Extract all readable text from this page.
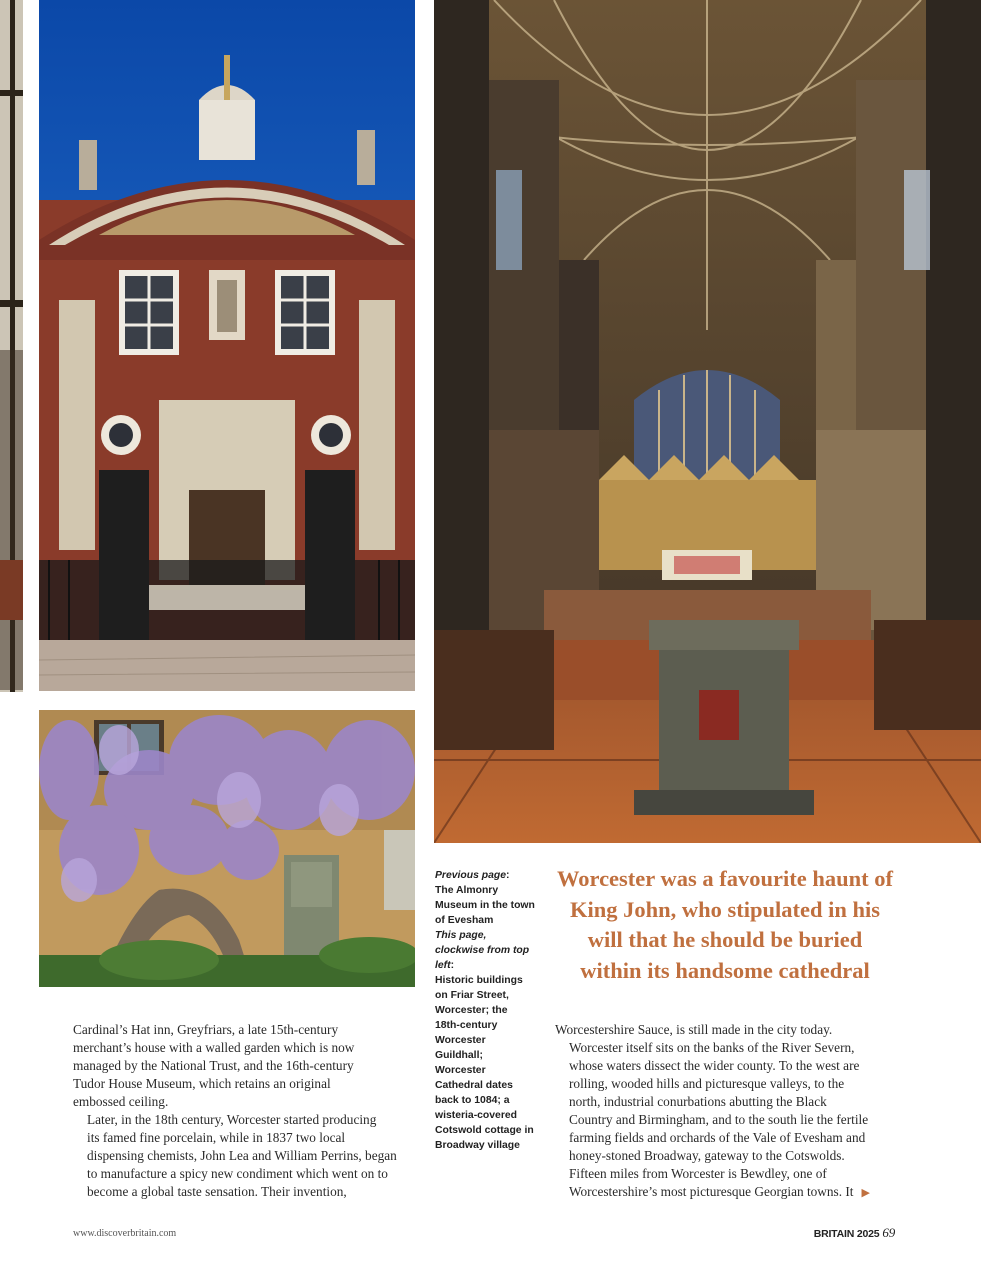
Previous page:
The Almonry Museum in the town of Evesham
This page, clockwise from top left:
Historic buildings on Friar Street, Worcester; the 18th-century Worcester Guildhall; Worcester Cathedral dates back to 1084; a wisteria-covered Cotswold cottage in Broadway village
Worcester was a favourite haunt of King John, who stipulated in his will that he should be buried within its handsome cathedral

Cardinal’s Hat inn, Greyfriars, a late 15th-century
merchant’s house with a walled garden which is now
managed by the National Trust, and the 16th-century
Tudor House Museum, which retains an original
embossed ceiling.

Later, in the 18th century, Worcester started producing
its famed fine porcelain, while in 1837 two local
dispensing chemists, John Lea and William Perrins, began
to manufacture a spicy new condiment which went on to
become a global taste sensation. Their invention,

Worcestershire Sauce, is still made in the city today.

Worcester itself sits on the banks of the River Severn,
whose waters dissect the wider county. To the west are
rolling, wooded hills and picturesque valleys, to the
north, industrial conurbations abutting the Black
Country and Birmingham, and to the south lie the fertile
farming fields and orchards of the Vale of Evesham and
honey-stoned Broadway, gateway to the Cotswolds.

Fifteen miles from Worcester is Bewdley, one of
Worcestershire’s most picturesque Georgian towns. It ▶

www.discoverbritain.com	BRITAIN 2025 69
